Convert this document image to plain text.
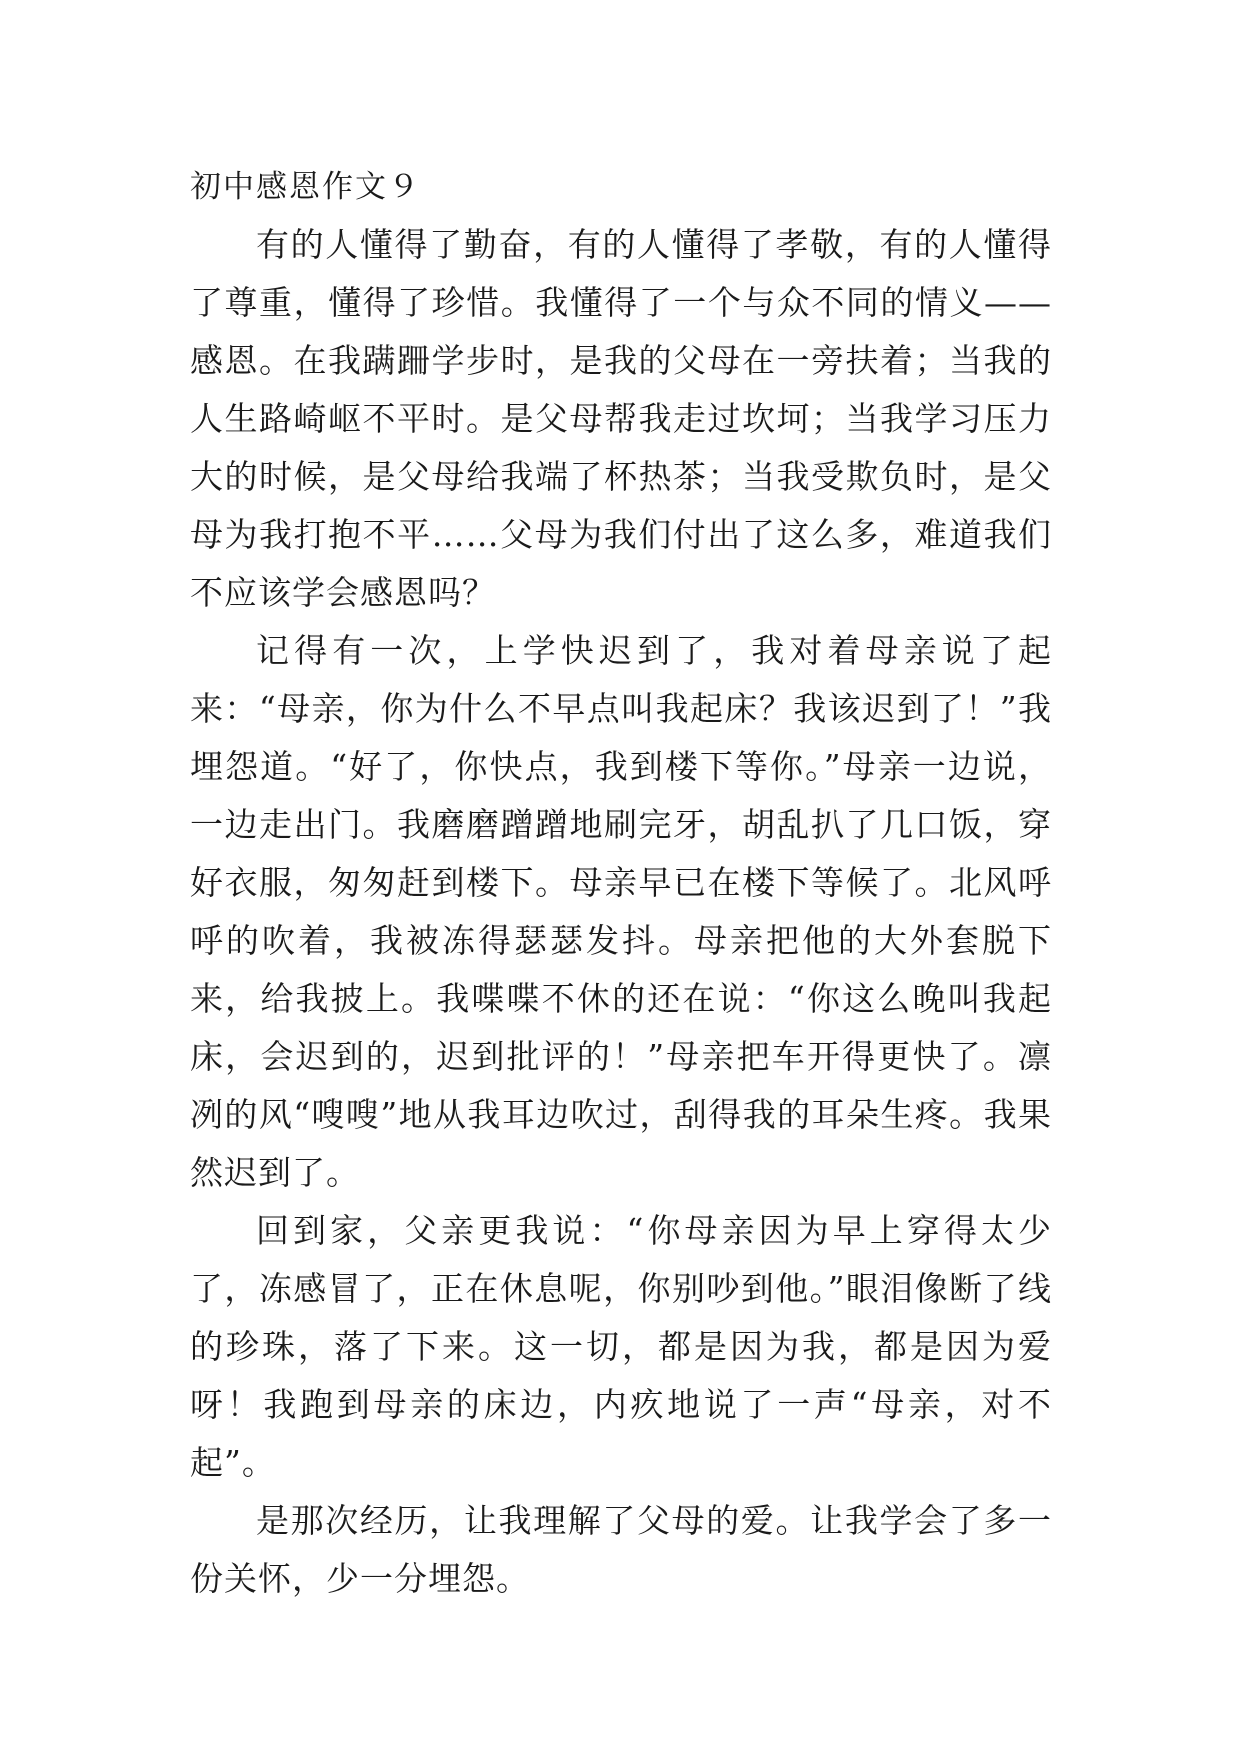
初中感恩作文９

有的人懂得了勤奋，有的人懂得了孝敬，有的人懂得了尊重，懂得了珍惜。我懂得了一个与众不同的情义——感恩。在我蹒跚学步时，是我的父母在一旁扶着；当我的人生路崎岖不平时。是父母帮我走过坎坷；当我学习压力大的时候，是父母给我端了杯热茶；当我受欺负时，是父母为我打抱不平……父母为我们付出了这么多，难道我们不应该学会感恩吗？

记得有一次，上学快迟到了，我对着母亲说了起来：“母亲，你为什么不早点叫我起床？我该迟到了！”我埋怨道。“好了，你快点，我到楼下等你。”母亲一边说，一边走出门。我磨磨蹭蹭地刷完牙，胡乱扒了几口饭，穿好衣服，匆匆赶到楼下。母亲早已在楼下等候了。北风呼呼的吹着，我被冻得瑟瑟发抖。母亲把他的大外套脱下来，给我披上。我喋喋不休的还在说：“你这么晚叫我起床，会迟到的，迟到批评的！”母亲把车开得更快了。凛冽的风“嗖嗖”地从我耳边吹过，刮得我的耳朵生疼。我果然迟到了。

回到家，父亲更我说：“你母亲因为早上穿得太少了，冻感冒了，正在休息呢，你别吵到他。”眼泪像断了线的珍珠，落了下来。这一切，都是因为我，都是因为爱呀！我跑到母亲的床边，内疚地说了一声“母亲，对不起”。

是那次经历，让我理解了父母的爱。让我学会了多一份关怀，少一分埋怨。
